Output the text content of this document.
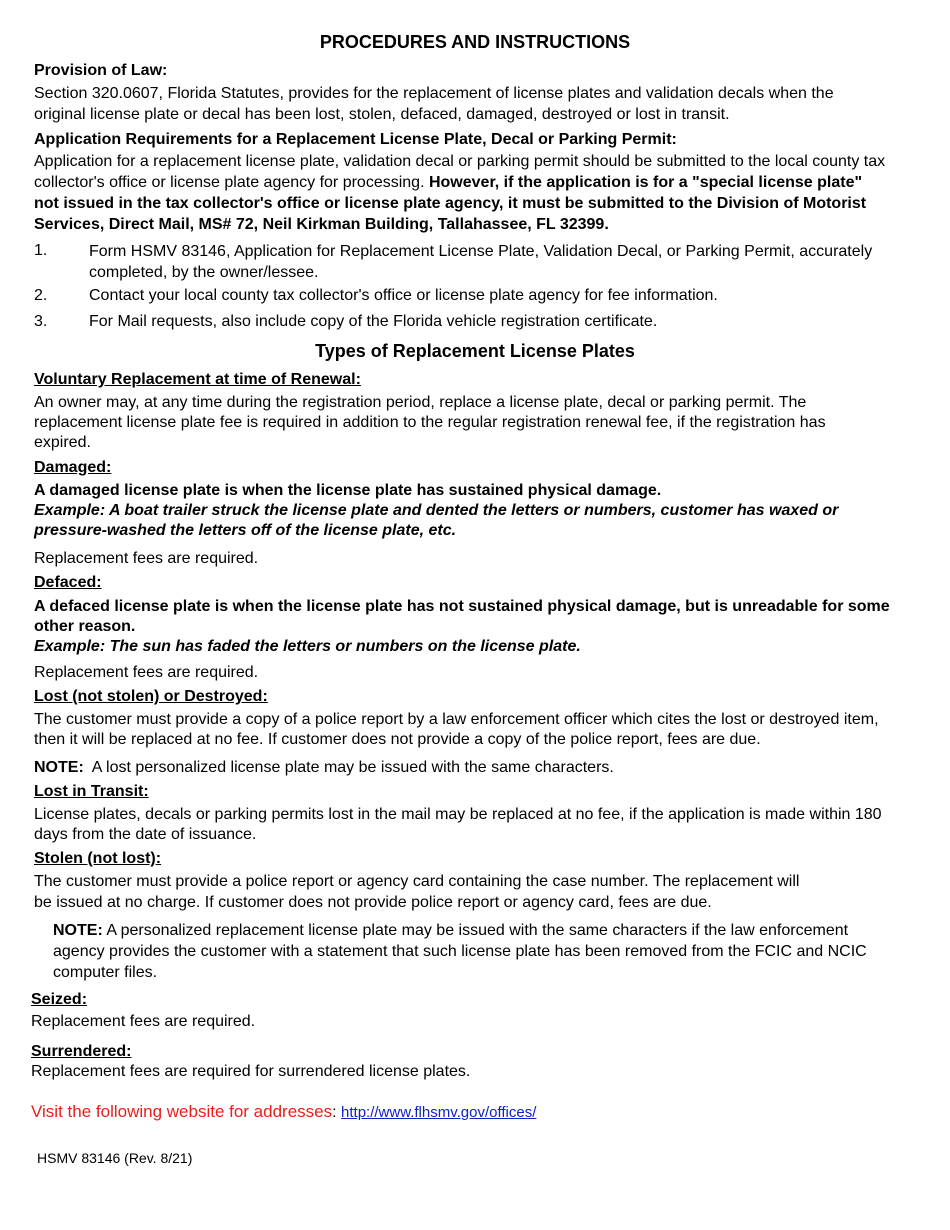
PROCEDURES AND INSTRUCTIONS
Provision of Law:
Section 320.0607, Florida Statutes, provides for the replacement of license plates and validation decals when the original license plate or decal has been lost, stolen, defaced, damaged, destroyed or lost in transit.
Application Requirements for a Replacement License Plate, Decal or Parking Permit:
Application for a replacement license plate, validation decal or parking permit should be submitted to the local county tax collector's office or license plate agency for processing. However, if the application is for a "special license plate" not issued in the tax collector's office or license plate agency, it must be submitted to the Division of Motorist Services, Direct Mail, MS# 72, Neil Kirkman Building, Tallahassee, FL 32399.
1.	Form HSMV 83146, Application for Replacement License Plate, Validation Decal, or Parking Permit, accurately completed, by the owner/lessee.
2.	Contact your local county tax collector's office or license plate agency for fee information.
3.	For Mail requests, also include copy of the Florida vehicle registration certificate.
Types of Replacement License Plates
Voluntary Replacement at time of Renewal:
An owner may, at any time during the registration period, replace a license plate, decal or parking permit. The replacement license plate fee is required in addition to the regular registration renewal fee, if the registration has expired.
Damaged:
A damaged license plate is when the license plate has sustained physical damage.
Example: A boat trailer struck the license plate and dented the letters or numbers, customer has waxed or pressure-washed the letters off of the license plate, etc.
Replacement fees are required.
Defaced:
A defaced license plate is when the license plate has not sustained physical damage, but is unreadable for some other reason.
Example: The sun has faded the letters or numbers on the license plate.
Replacement fees are required.
Lost (not stolen) or Destroyed:
The customer must provide a copy of a police report by a law enforcement officer which cites the lost or destroyed item, then it will be replaced at no fee. If customer does not provide a copy of the police report, fees are due.
NOTE: A lost personalized license plate may be issued with the same characters.
Lost in Transit:
License plates, decals or parking permits lost in the mail may be replaced at no fee, if the application is made within 180 days from the date of issuance.
Stolen (not lost):
The customer must provide a police report or agency card containing the case number. The replacement will
be issued at no charge. If customer does not provide police report or agency card, fees are due.
NOTE: A personalized replacement license plate may be issued with the same characters if the law enforcement agency provides the customer with a statement that such license plate has been removed from the FCIC and NCIC computer files.
Seized:
Replacement fees are required.
Surrendered:
Replacement fees are required for surrendered license plates.
Visit the following website for addresses: http://www.flhsmv.gov/offices/
HSMV 83146 (Rev. 8/21)
